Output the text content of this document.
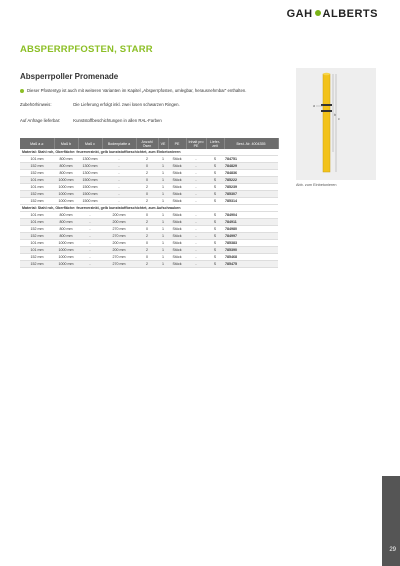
GAH ALBERTS
ABSPERRPFOSTEN, STARR
Absperrpoller Promenade
Dieser Pfostentyp ist auch mit weiteren Varianten im Kapitel „Absperrpfosten, umlegbar, herausnehmbar“ enthalten.
Zubehörhinweis:	Die Lieferung erfolgt inkl. zwei losen schwarzen Ringen.
Auf Anfrage lieferbar:	Kunststoffbeschichtungen in allen RAL-Farben
a
b
c
Abb. zum Einbetonieren
Maß a ⌀	Maß b	Maß c	Bodenplatte a	Anzahl Ösen	VE	PE	Inhalt pro PE	Liefer-zeit	Best.-Nr. 4004355
Material: Stahl roh, Oberfläche: feuerverzinkt, gelb kunststoffbeschichtet, zum Einbetonieren									
101 mm	800 mm	1300 mm	-	2	1	Stück	-	S	784751
152 mm	800 mm	1300 mm	-	0	1	Stück	-	S	784829
152 mm	800 mm	1300 mm	-	2	1	Stück	-	S	784836
101 mm	1000 mm	1500 mm	-	0	1	Stück	-	S	785222
101 mm	1000 mm	1500 mm	-	2	1	Stück	-	S	785239
152 mm	1000 mm	1500 mm	-	0	1	Stück	-	S	785307
152 mm	1000 mm	1500 mm	-	2	1	Stück	-	S	785314
Material: Stahl roh, Oberfläche: feuerverzinkt, gelb kunststoffbeschichtet, zum Aufschrauben									
101 mm	800 mm	-	200 mm	0	1	Stück	-	S	784904
101 mm	800 mm	-	200 mm	2	1	Stück	-	S	784911
152 mm	800 mm	-	270 mm	0	1	Stück	-	S	784980
152 mm	800 mm	-	270 mm	2	1	Stück	-	S	784997
101 mm	1000 mm	-	200 mm	0	1	Stück	-	S	785383
101 mm	1000 mm	-	200 mm	2	1	Stück	-	S	785390
152 mm	1000 mm	-	270 mm	0	1	Stück	-	S	785468
152 mm	1000 mm	-	270 mm	2	1	Stück	-	S	785475
29
